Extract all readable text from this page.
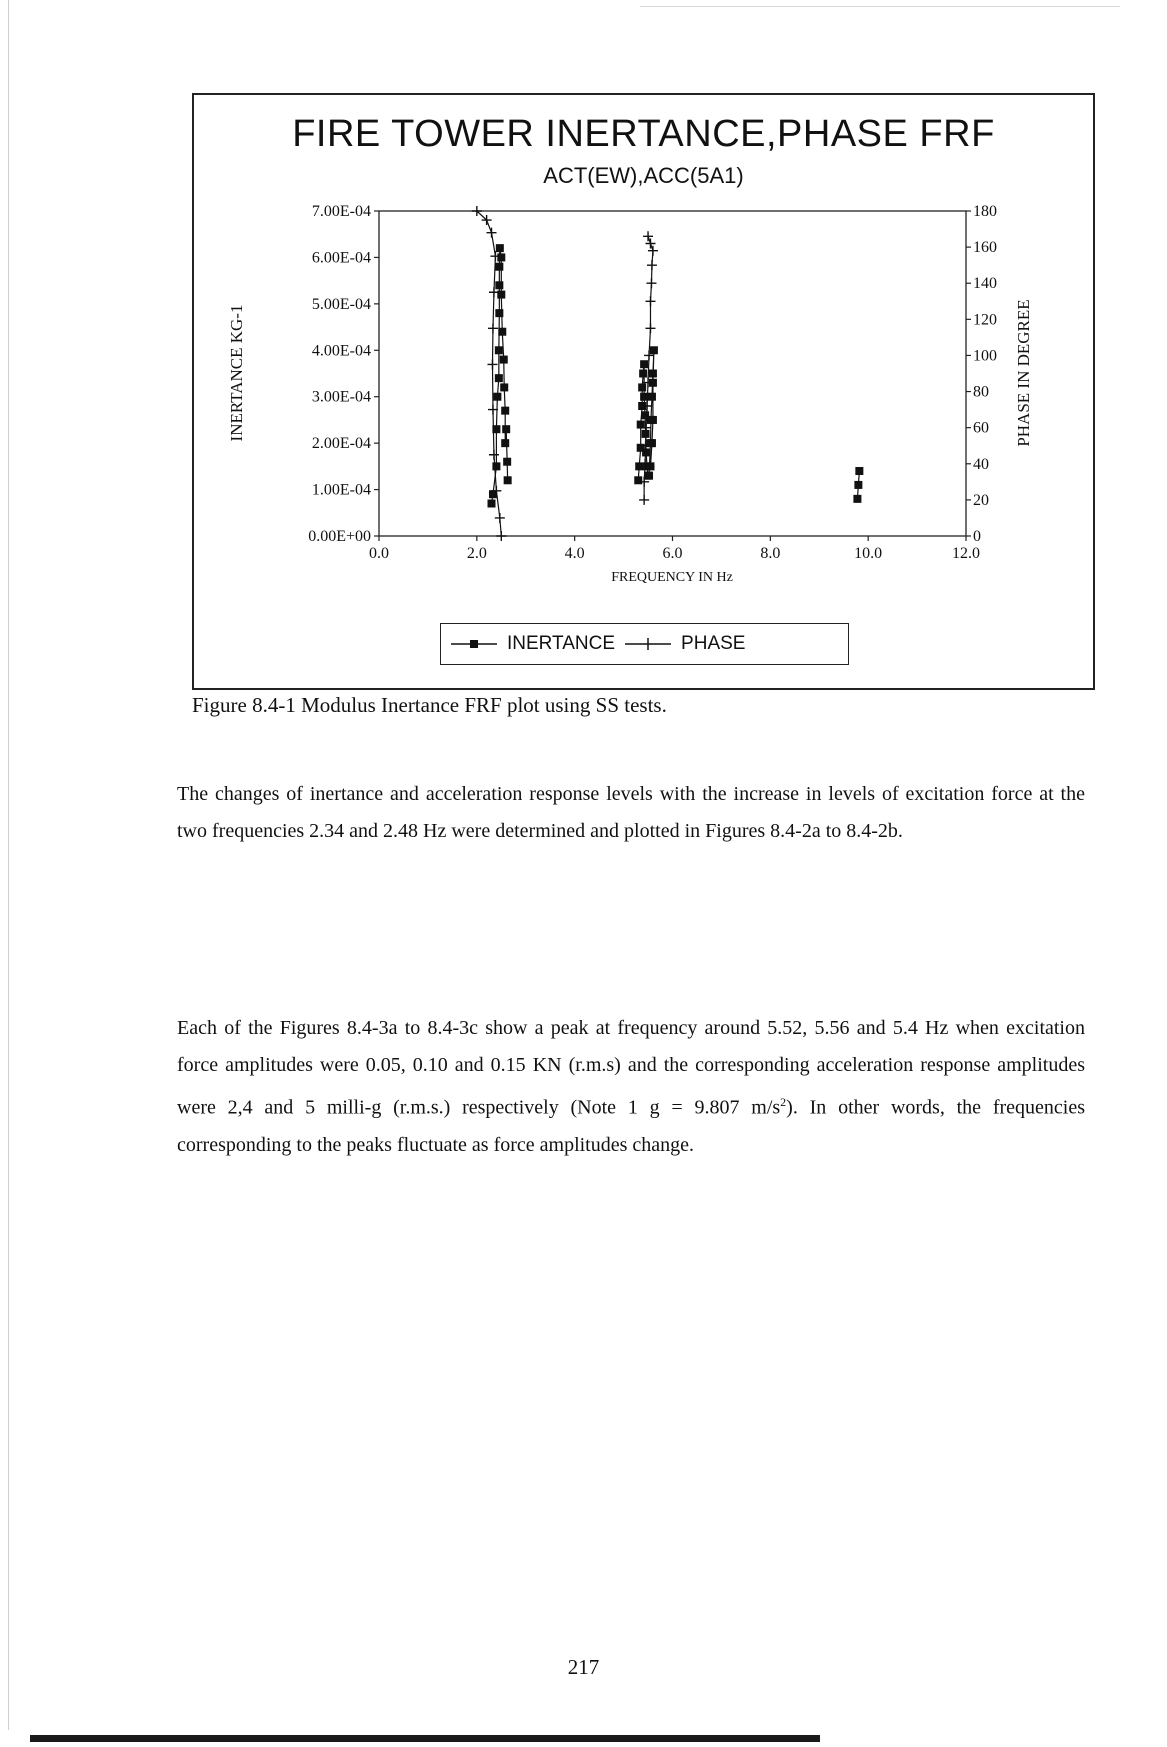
FIRE TOWER INERTANCE,PHASE FRF
ACT(EW),ACC(5A1)
0.00E+00
1.00E-04
2.00E-04
3.00E-04
4.00E-04
5.00E-04
6.00E-04
7.00E-04
0
20
40
60
80
100
120
140
160
180
0.0	2.0	4.0	6.0	8.0	10.0	12.0
FREQUENCY IN Hz
INERTANCE KG-1	PHASE IN DEGREE
INERTANCE	PHASE
Figure 8.4-1 Modulus Inertance FRF plot using SS tests.

The changes of inertance and acceleration response levels with the increase in levels of excitation force at the two frequencies 2.34 and 2.48 Hz were determined and plotted in Figures 8.4-2a to 8.4-2b.

Each of the Figures 8.4-3a to 8.4-3c show a peak at frequency around 5.52, 5.56 and 5.4 Hz when excitation force amplitudes were 0.05, 0.10 and 0.15 KN (r.m.s) and the corresponding acceleration response amplitudes were 2,4 and 5 milli-g (r.m.s.) respectively (Note 1 g = 9.807 $m/s^2$). In other words, the frequencies corresponding to the peaks fluctuate as force amplitudes change.

217
